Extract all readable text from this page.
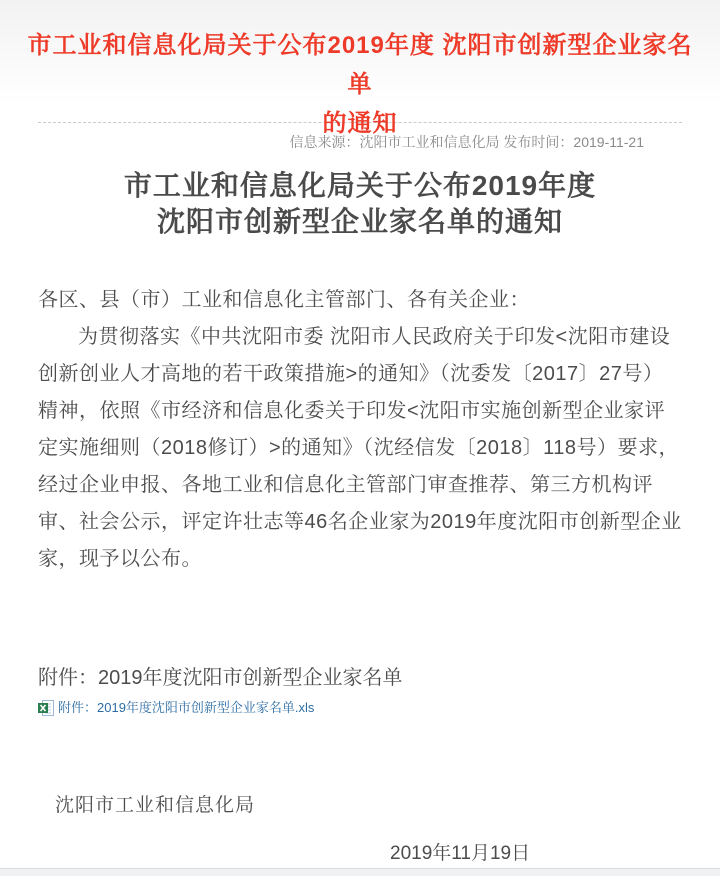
市工业和信息化局关于公布2019年度 沈阳市创新型企业家名单
的通知
信息来源：沈阳市工业和信息化局 发布时间：2019-11-21
市工业和信息化局关于公布2019年度
沈阳市创新型企业家名单的通知

各区、县（市）工业和信息化主管部门、各有关企业：

为贯彻落实《中共沈阳市委 沈阳市人民政府关于印发<沈阳市建设创新创业人才高地的若干政策措施>的通知》（沈委发〔2017〕27号）精神，依照《市经济和信息化委关于印发<沈阳市实施创新型企业家评定实施细则（2018修订）>的通知》（沈经信发〔2018〕118号）要求，经过企业申报、各地工业和信息化主管部门审查推荐、第三方机构评审、社会公示，评定许壮志等46名企业家为2019年度沈阳市创新型企业家，现予以公布。

附件：2019年度沈阳市创新型企业家名单
附件：2019年度沈阳市创新型企业家名单.xls
沈阳市工业和信息化局
2019年11月19日
